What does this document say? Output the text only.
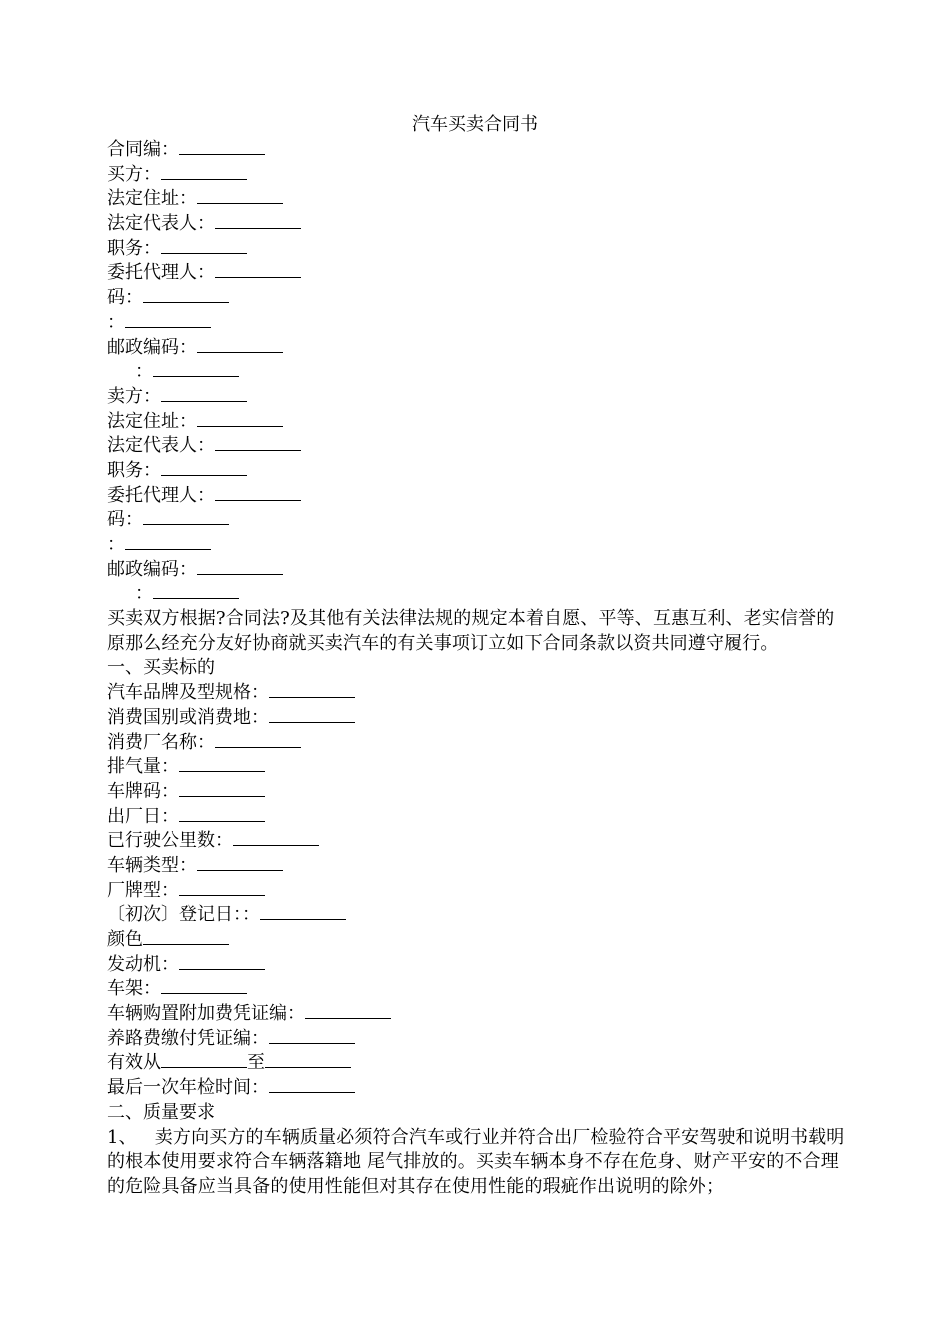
汽车买卖合同书
合同编：
买方：
法定住址：
法定代表人：
职务：
委托代理人：
码：
：
邮政编码：
：
卖方：
法定住址：
法定代表人：
职务：
委托代理人：
码：
：
邮政编码：
：
买卖双方根据?合同法?及其他有关法律法规的规定本着自愿、平等、互惠互利、老实信誉的原那么经充分友好协商就买卖汽车的有关事项订立如下合同条款以资共同遵守履行。
一、买卖标的
汽车品牌及型规格：
消费国别或消费地：
消费厂名称：
排气量：
车牌码：
出厂日：
已行驶公里数：
车辆类型：
厂牌型：
〔初次〕登记日：：
颜色
发动机：
车架：
车辆购置附加费凭证编：
养路费缴付凭证编：
有效从	至
最后一次年检时间：
二、质量要求
1、 卖方向买方的车辆质量必须符合汽车或行业并符合出厂检验符合平安驾驶和说明书载明的根本使用要求符合车辆落籍地 尾气排放的。买卖车辆本身不存在危身、财产平安的不合理的危险具备应当具备的使用性能但对其存在使用性能的瑕疵作出说明的除外；
